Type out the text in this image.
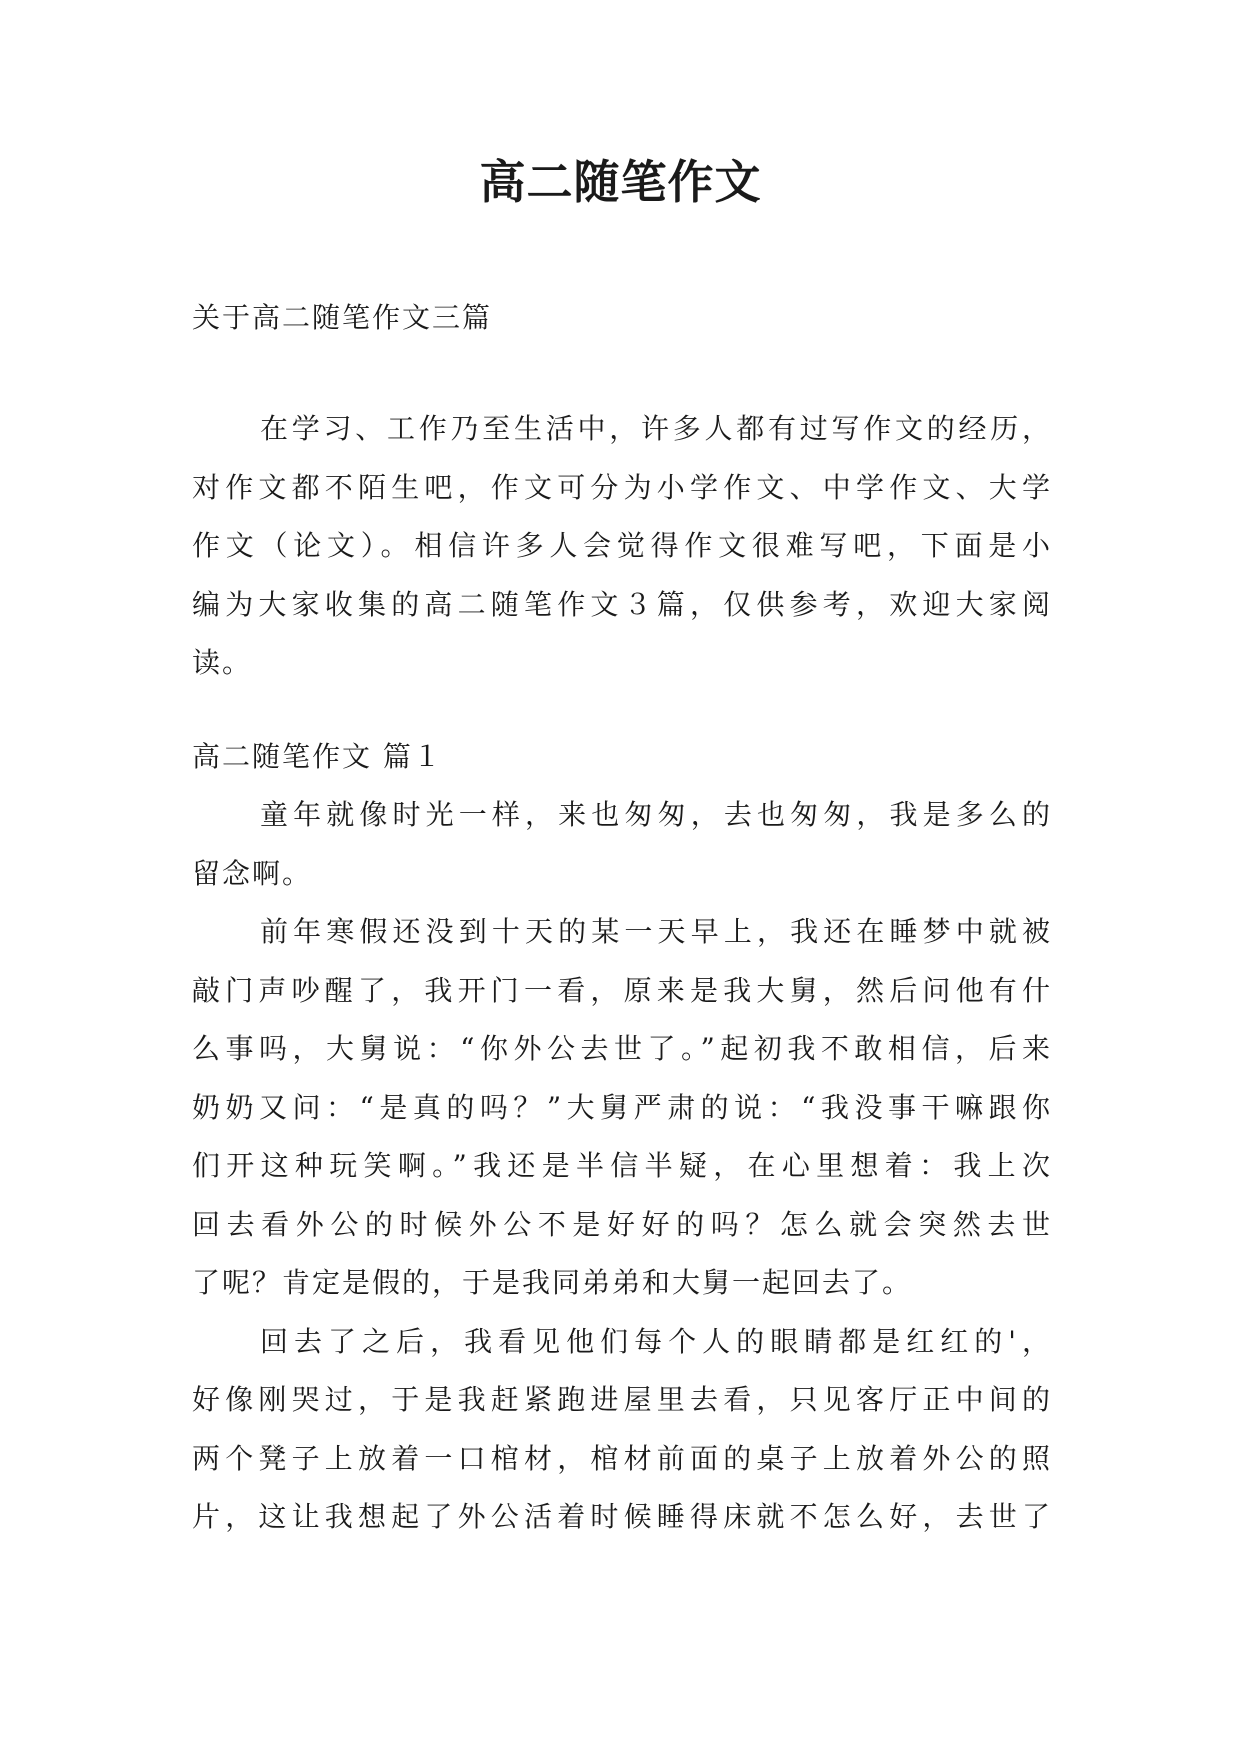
高二随笔作文
关于高二随笔作文三篇
在学习、工作乃至生活中，许多人都有过写作文的经历，
对作文都不陌生吧，作文可分为小学作文、中学作文、大学
作文（论文）。相信许多人会觉得作文很难写吧，下面是小
编为大家收集的高二随笔作文３篇，仅供参考，欢迎大家阅
读。
高二随笔作文 篇１
童年就像时光一样，来也匆匆，去也匆匆，我是多么的
留念啊。
前年寒假还没到十天的某一天早上，我还在睡梦中就被
敲门声吵醒了，我开门一看，原来是我大舅，然后问他有什
么事吗，大舅说：“你外公去世了。”起初我不敢相信，后来
奶奶又问：“是真的吗？”大舅严肃的说：“我没事干嘛跟你
们开这种玩笑啊。”我还是半信半疑，在心里想着：我上次
回去看外公的时候外公不是好好的吗？怎么就会突然去世
了呢？肯定是假的，于是我同弟弟和大舅一起回去了。
回去了之后，我看见他们每个人的眼睛都是红红的'，
好像刚哭过，于是我赶紧跑进屋里去看，只见客厅正中间的
两个凳子上放着一口棺材，棺材前面的桌子上放着外公的照
片，这让我想起了外公活着时候睡得床就不怎么好，去世了
